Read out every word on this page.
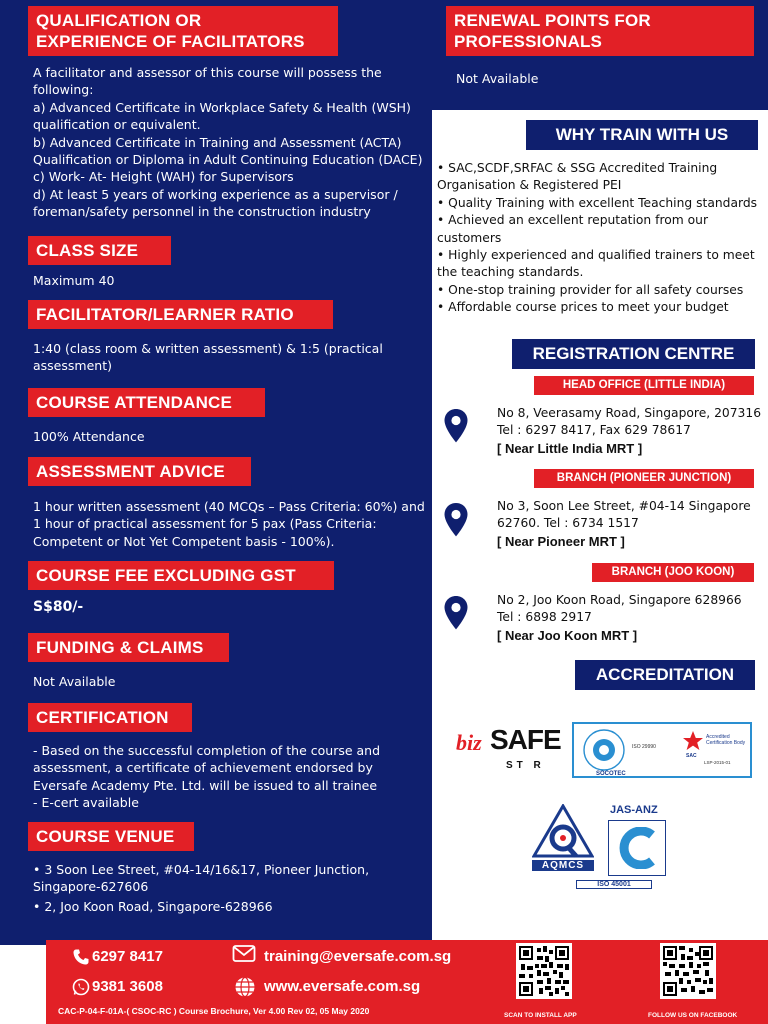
QUALIFICATION OR
EXPERIENCE OF FACILITATORS

A facilitator and assessor of this course will possess the

following:

a) Advanced Certificate in Workplace Safety & Health (WSH)

qualification or equivalent.

b) Advanced Certificate in Training and Assessment (ACTA)

Qualification or Diploma in Adult Continuing Education (DACE)

c) Work- At- Height (WAH) for Supervisors

d) At least 5 years of working experience as a supervisor /

foreman/safety personnel in the construction industry

CLASS SIZE
Maximum 40
FACILITATOR/LEARNER RATIO

1:40 (class room & written assessment) & 1:5 (practical

assessment)

COURSE ATTENDANCE
100% Attendance
ASSESSMENT ADVICE

1 hour written assessment (40 MCQs – Pass Criteria: 60%) and

1 hour of practical assessment for 5 pax (Pass Criteria:

Competent or Not Yet Competent basis - 100%).

COURSE FEE EXCLUDING GST
S$80/-
FUNDING & CLAIMS
Not Available
CERTIFICATION

- Based on the successful completion of the course and

assessment, a certificate of achievement endorsed by

Eversafe Academy Pte. Ltd. will be issued to all trainee

- E-cert available

COURSE VENUE

• 3 Soon Lee Street, #04-14/16&17, Pioneer Junction,

Singapore-627606

• 2, Joo Koon Road, Singapore-628966

RENEWAL POINTS FOR
PROFESSIONALS
Not Available
WHY TRAIN WITH US
• SAC,SCDF,SRFAC & SSG Accredited Training
Organisation & Registered PEI
• Quality Training with excellent Teaching standards
• Achieved an excellent reputation from our
customers
• Highly experienced and qualified trainers to meet
the teaching standards.
• One-stop training provider for all safety courses
• Affordable course prices to meet your budget
REGISTRATION CENTRE
HEAD OFFICE (LITTLE INDIA)
No 8, Veerasamy Road, Singapore, 207316
Tel : 6297 8417, Fax 629 78617
[ Near Little India MRT ]
BRANCH (PIONEER JUNCTION)
No 3, Soon Lee Street, #04-14 Singapore
62760. Tel : 6734 1517
[ Near Pioneer MRT ]
BRANCH (JOO KOON)
No 2, Joo Koon Road, Singapore 628966
Tel : 6898 2917
[ Near Joo Koon MRT ]
ACCREDITATION
biz SAFE
ST R
ISO 29990
SOCOTEC
SAC
Accredited Certification Body
LSP-2015-01
AQMCS
JAS-ANZ
ISO 45001
6297 8417
9381 3608
training@eversafe.com.sg
www.eversafe.com.sg
CAC-P-04-F-01A-( CSOC-RC ) Course Brochure, Ver 4.00 Rev 02, 05 May 2020	SCAN TO INSTALL APP	FOLLOW US ON FACEBOOK
